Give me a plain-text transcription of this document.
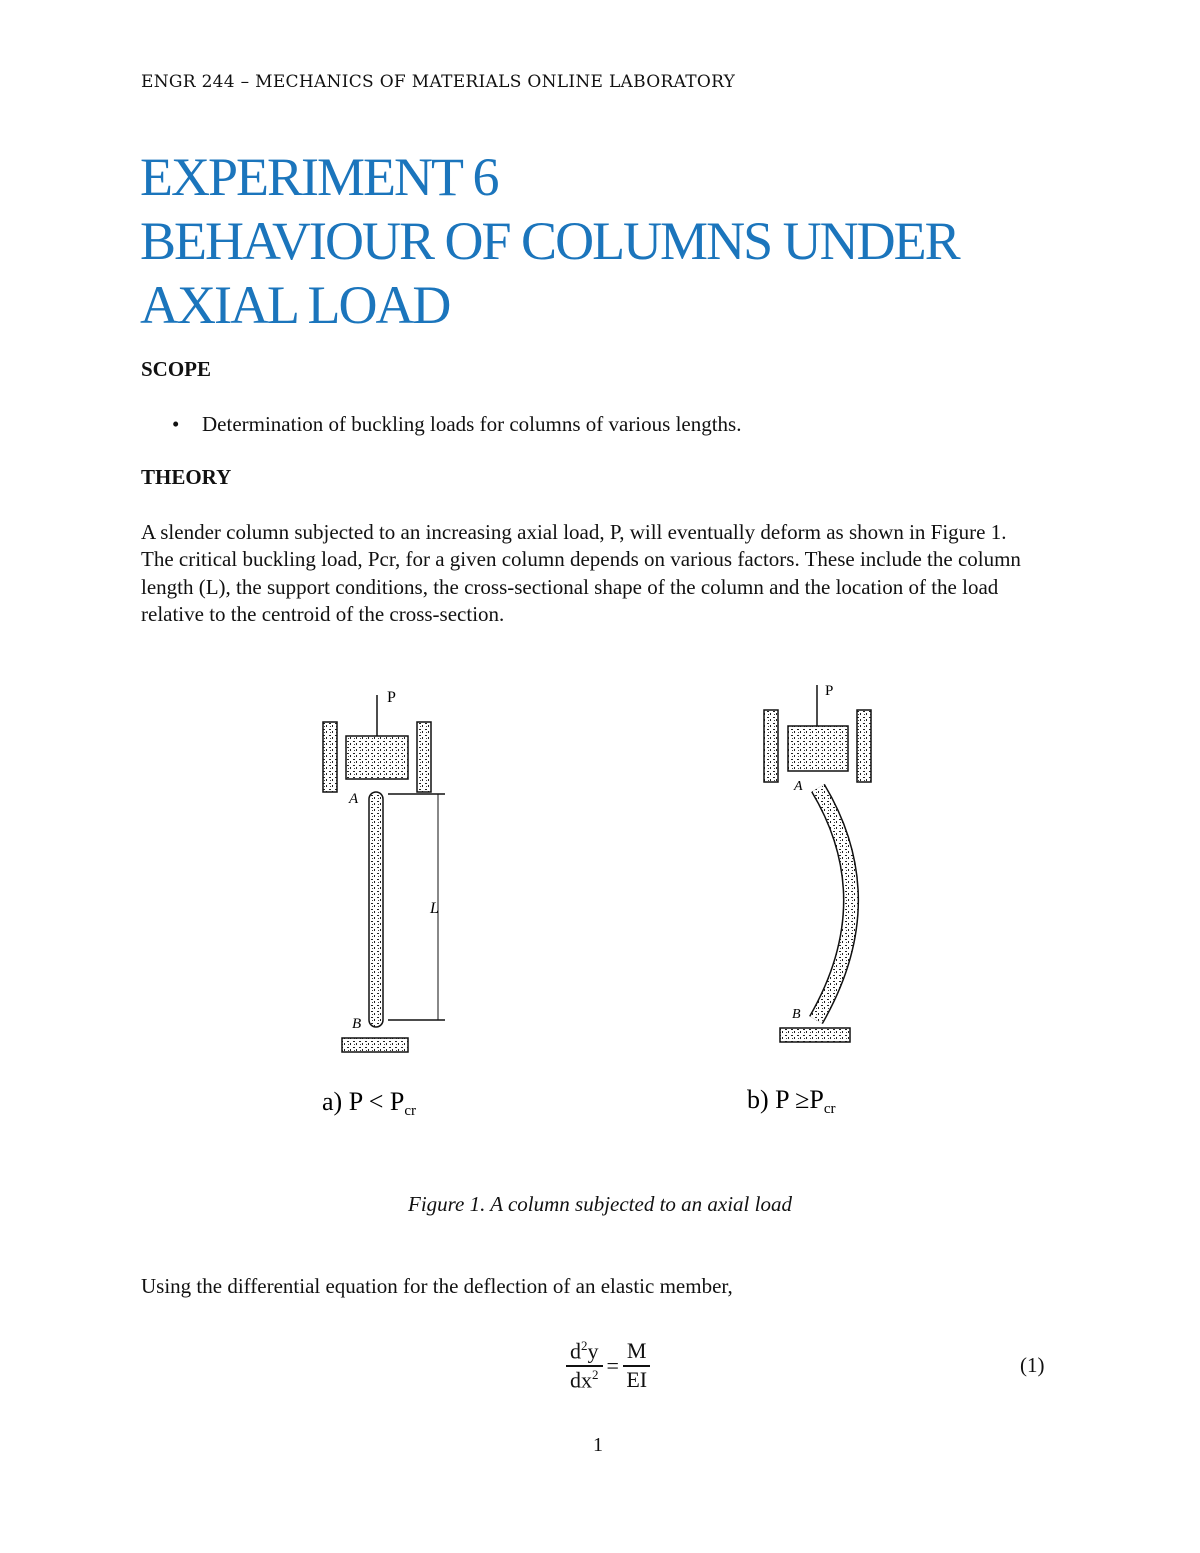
ENGR 244 – MECHANICS OF MATERIALS ONLINE LABORATORY
EXPERIMENT 6
BEHAVIOUR OF COLUMNS UNDER
AXIAL LOAD
SCOPE
• Determination of buckling loads for columns of various lengths.
THEORY
A slender column subjected to an increasing axial load, P, will eventually deform as shown in Figure 1. The critical buckling load, Pcr, for a given column depends on various factors. These include the column length (L), the support conditions, the cross-sectional shape of the column and the location of the load relative to the centroid of the cross-section.
P
A
B
L
a) P < Pcr
P
A
B
b) P ≥Pcr
Figure 1. A column subjected to an axial load
Using the differential equation for the deflection of an elastic member,
$\frac{d^2y}{dx^2} = \frac{M}{EI}$	(1)
1
